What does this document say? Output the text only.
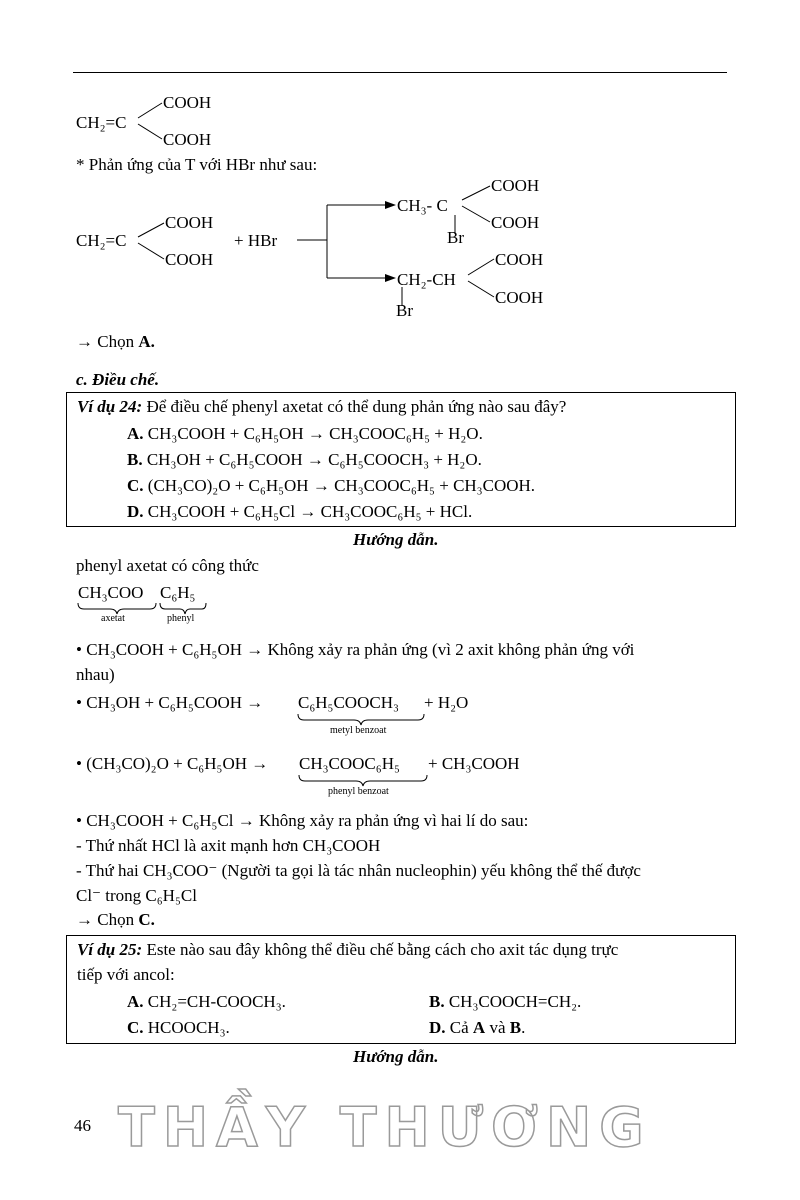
CH₂=C
COOH
COOH
* Phản ứng của T với HBr như sau:
CH₂=C
COOH
COOH
+ HBr
CH₃- C
COOH
COOH
Br
CH₂-CH
COOH
COOH
Br
→ Chọn A.
c. Điều chế.
Ví dụ 24: Để điều chế phenyl axetat có thể dung phản ứng nào sau đây?
A. CH₃COOH + C₆H₅OH → CH₃COOC₆H₅ + H₂O.
B. CH₃OH + C₆H₅COOH → C₆H₅COOCH₃ + H₂O.
C. (CH₃CO)₂O + C₆H₅OH → CH₃COOC₆H₅ + CH₃COOH.
D. CH₃COOH + C₆H₅Cl → CH₃COOC₆H₅ + HCl.
Hướng dẫn.
phenyl axetat có công thức
CH₃COO
axetat
C₆H₅
phenyl
• CH₃COOH + C₆H₅OH → Không xảy ra phản ứng (vì 2 axit không phản ứng với
nhau)
• CH₃OH + C₆H₅COOH → C₆H₅COOCH₃ + H₂O
metyl benzoat
• (CH₃CO)₂O + C₆H₅OH → CH₃COOC₆H₅ + CH₃COOH
phenyl benzoat
• CH₃COOH + C₆H₅Cl → Không xảy ra phản ứng vì hai lí do sau:
- Thứ nhất HCl là axit mạnh hơn CH₃COOH
- Thứ hai CH₃COO⁻ (Người ta gọi là tác nhân nucleophin) yếu không thể thế được
Cl⁻ trong C₆H₅Cl
→ Chọn C.
Ví dụ 25: Este nào sau đây không thể điều chế bằng cách cho axit tác dụng trực
tiếp với ancol:
A. CH₂=CH-COOCH₃.	B. CH₃COOCH=CH₂.
C. HCOOCH₃.	D. Cả A và B.
Hướng dẫn.
46 THẦY THƯƠNG
